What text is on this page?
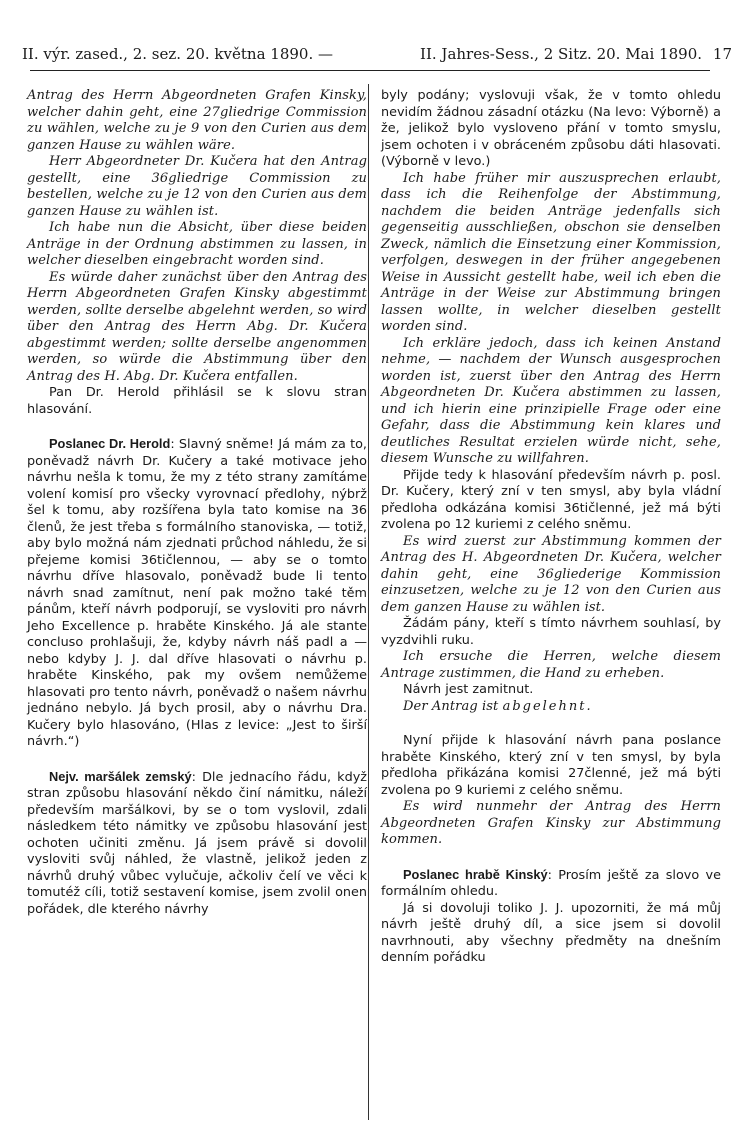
II. výr. zased., 2. sez. 20. května 1890. —	II. Jahres-Sess., 2 Sitz. 20. Mai 1890. 17

Antrag des Herrn Abgeordneten Grafen Kinsky, welcher dahin geht, eine 27gliedrige Commission zu wählen, welche zu je 9 von den Curien aus dem ganzen Hause zu wählen wäre.

Herr Abgeordneter Dr. Kučera hat den Antrag gestellt, eine 36gliedrige Commission zu bestellen, welche zu je 12 von den Curien aus dem ganzen Hause zu wählen ist.

Ich habe nun die Absicht, über diese beiden Anträge in der Ordnung abstimmen zu lassen, in welcher dieselben eingebracht worden sind.

Es würde daher zunächst über den Antrag des Herrn Abgeordneten Grafen Kinsky abgestimmt werden, sollte derselbe abgelehnt werden, so wird über den Antrag des Herrn Abg. Dr. Kučera abgestimmt werden; sollte derselbe angenommen werden, so würde die Abstimmung über den Antrag des H. Abg. Dr. Kučera entfallen.

Pan Dr. Herold přihlásil se k slovu stran hlasování.

Poslanec Dr. Herold: Slavný sněme! Já mám za to, poněvadž návrh Dr. Kučery a také motivace jeho návrhu nešla k tomu, že my z této strany zamítáme volení komisí pro všecky vyrovnací předlohy, nýbrž šel k tomu, aby rozšířena byla tato komise na 36 členů, že jest třeba s formálního stanoviska, — totiž, aby bylo možná nám zjednati průchod náhledu, že si přejeme komisi 36tičlennou, — aby se o tomto návrhu dříve hlasovalo, poněvadž bude li tento návrh snad zamítnut, není pak možno také těm pánům, kteří návrh podporují, se vysloviti pro návrh Jeho Excellence p. hraběte Kinského. Já ale stante concluso prohlašuji, že, kdyby návrh náš padl a — nebo kdyby J. J. dal dříve hlasovati o návrhu p. hraběte Kinského, pak my ovšem nemůžeme hlasovati pro tento návrh, poněvadž o našem návrhu jednáno nebylo. Já bych prosil, aby o návrhu Dra. Kučery bylo hlasováno, (Hlas z levice: „Jest to širší návrh.“)

Nejv. maršálek zemský: Dle jednacího řádu, když stran způsobu hlasování někdo činí námitku, náleží především maršálkovi, by se o tom vyslovil, zdali následkem této námitky ve způsobu hlasování jest ochoten učiniti změnu. Já jsem právě si dovolil vysloviti svůj náhled, že vlastně, jelikož jeden z návrhů druhý vůbec vylučuje, ačkoliv čelí ve věci k tomutéž cíli, totiž sestavení komise, jsem zvolil onen pořádek, dle kterého návrhy

byly podány; vyslovuji však, že v tomto ohledu nevidím žádnou zásadní otázku (Na levo: Výborně) a že, jelikož bylo vysloveno přání v tomto smyslu, jsem ochoten i v obráceném způsobu dáti hlasovati. (Výborně v levo.)

Ich habe früher mir auszusprechen erlaubt, dass ich die Reihenfolge der Abstimmung, nachdem die beiden Anträge jedenfalls sich gegenseitig ausschließen, obschon sie denselben Zweck, nämlich die Einsetzung einer Kommission, verfolgen, deswegen in der früher angegebenen Weise in Aussicht gestellt habe, weil ich eben die Anträge in der Weise zur Abstimmung bringen lassen wollte, in welcher dieselben gestellt worden sind.

Ich erkläre jedoch, dass ich keinen Anstand nehme, — nachdem der Wunsch ausgesprochen worden ist, zuerst über den Antrag des Herrn Abgeordneten Dr. Kučera abstimmen zu lassen, und ich hierin eine prinzipielle Frage oder eine Gefahr, dass die Abstimmung kein klares und deutliches Resultat erzielen würde nicht, sehe, diesem Wunsche zu willfahren.

Přijde tedy k hlasování především návrh p. posl. Dr. Kučery, který zní v ten smysl, aby byla vládní předloha odkázána komisi 36tičlenné, jež má býti zvolena po 12 kuriemi z celého sněmu.

Es wird zuerst zur Abstimmung kommen der Antrag des H. Abgeordneten Dr. Kučera, welcher dahin geht, eine 36gliederige Kommission einzusetzen, welche zu je 12 von den Curien aus dem ganzen Hause zu wählen ist.

Žádám pány, kteří s tímto návrhem souhlasí, by vyzdvihli ruku.

Ich ersuche die Herren, welche diesem Antrage zustimmen, die Hand zu erheben.

Návrh jest zamitnut.

Der Antrag ist abgelehnt.

Nyní přijde k hlasování návrh pana poslance hraběte Kinského, který zní v ten smysl, by byla předloha přikázána komisi 27členné, jež má býti zvolena po 9 kuriemi z celého sněmu.

Es wird nunmehr der Antrag des Herrn Abgeordneten Grafen Kinsky zur Abstimmung kommen.

Poslanec hrabě Kinský: Prosím ještě za slovo ve formálním ohledu.

Já si dovoluji toliko J. J. upozorniti, že má můj návrh ještě druhý díl, a sice jsem si dovolil navrhnouti, aby všechny předměty na dnešním denním pořádku
